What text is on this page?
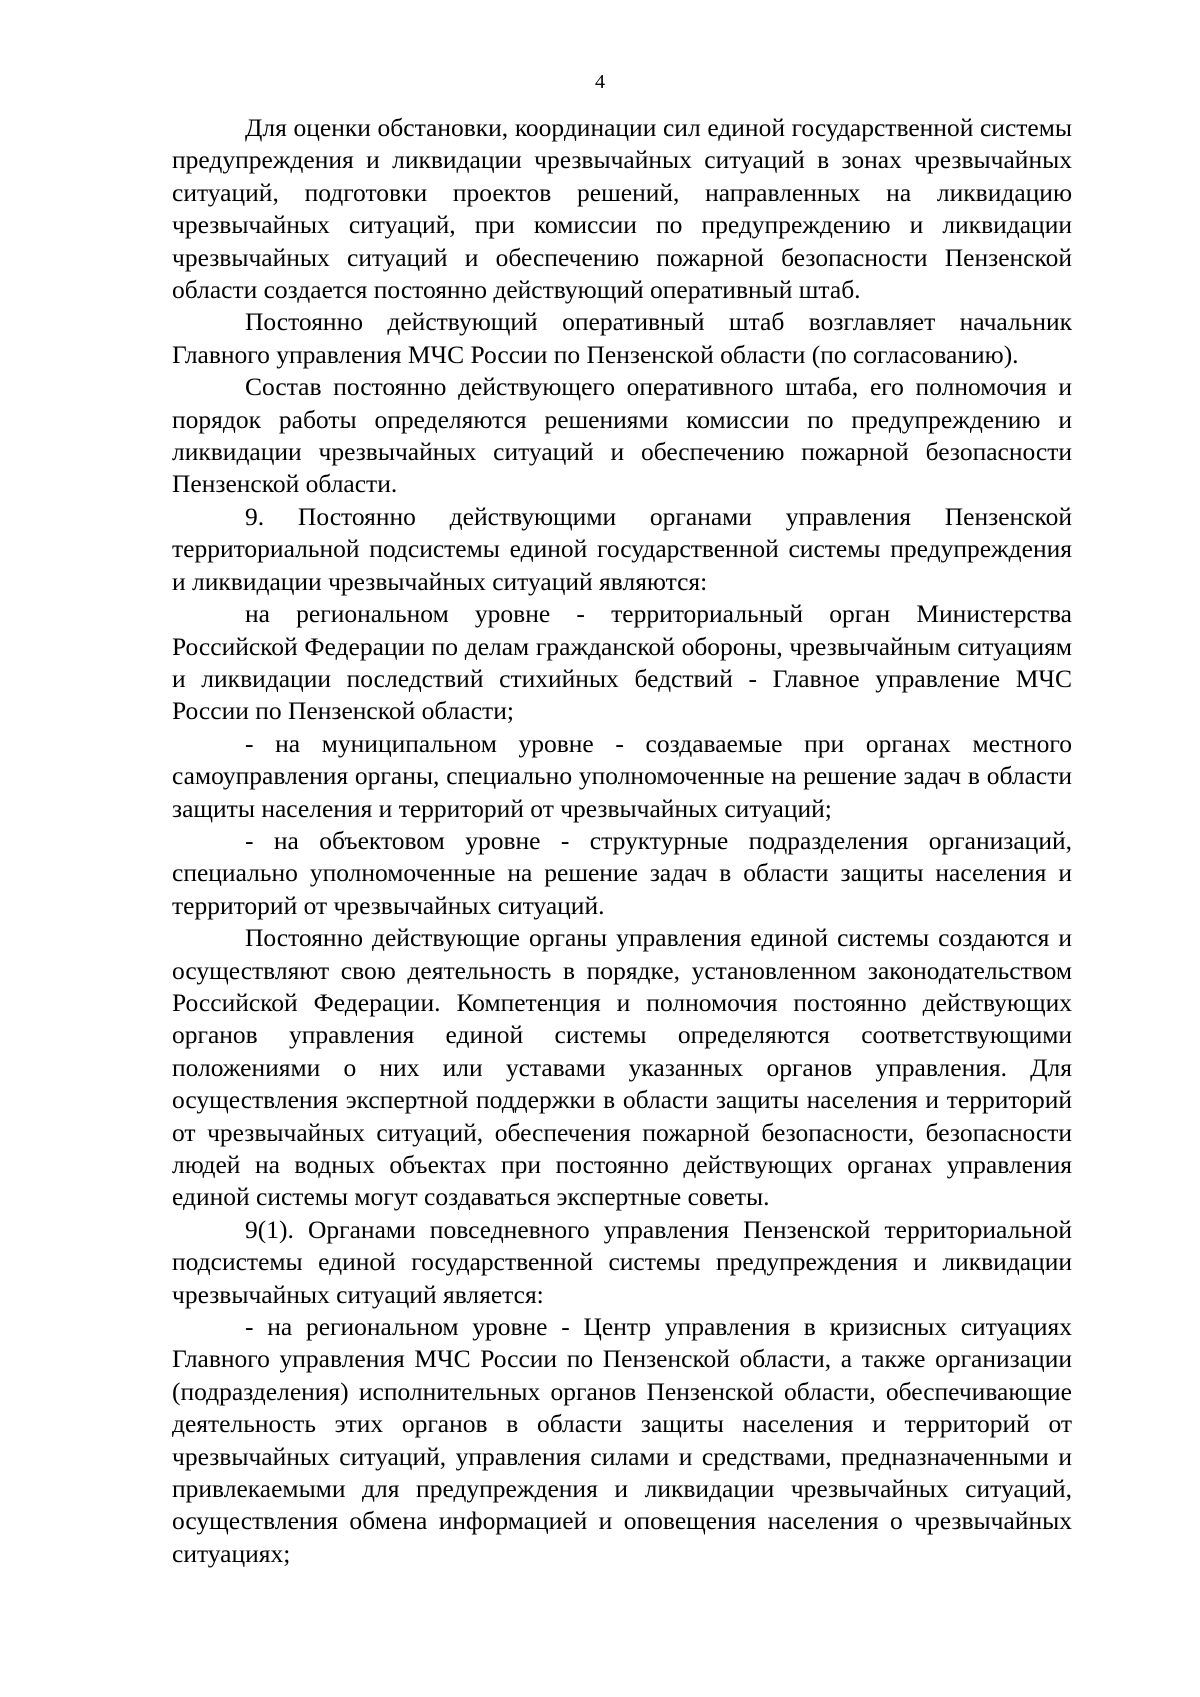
4

Для оценки обстановки, координации сил единой государственной системы предупреждения и ликвидации чрезвычайных ситуаций в зонах чрезвычайных ситуаций, подготовки проектов решений, направленных на ликвидацию чрезвычайных ситуаций, при комиссии по предупреждению и ликвидации чрезвычайных ситуаций и обеспечению пожарной безопасности Пензенской области создается постоянно действующий оперативный штаб.

Постоянно действующий оперативный штаб возглавляет начальник Главного управления МЧС России по Пензенской области (по согласованию).

Состав постоянно действующего оперативного штаба, его полномочия и порядок работы определяются решениями комиссии по предупреждению и ликвидации чрезвычайных ситуаций и обеспечению пожарной безопасности Пензенской области.

9. Постоянно действующими органами управления Пензенской территориальной подсистемы единой государственной системы предупреждения и ликвидации чрезвычайных ситуаций являются:

на региональном уровне - территориальный орган Министерства Российской Федерации по делам гражданской обороны, чрезвычайным ситуациям и ликвидации последствий стихийных бедствий - Главное управление МЧС России по Пензенской области;

- на муниципальном уровне - создаваемые при органах местного самоуправления органы, специально уполномоченные на решение задач в области защиты населения и территорий от чрезвычайных ситуаций;

- на объектовом уровне - структурные подразделения организаций, специально уполномоченные на решение задач в области защиты населения и территорий от чрезвычайных ситуаций.

Постоянно действующие органы управления единой системы создаются и осуществляют свою деятельность в порядке, установленном законодательством Российской Федерации. Компетенция и полномочия постоянно действующих органов управления единой системы определяются соответствующими положениями о них или уставами указанных органов управления. Для осуществления экспертной поддержки в области защиты населения и территорий от чрезвычайных ситуаций, обеспечения пожарной безопасности, безопасности людей на водных объектах при постоянно действующих органах управления единой системы могут создаваться экспертные советы.

9(1). Органами повседневного управления Пензенской территориальной подсистемы единой государственной системы предупреждения и ликвидации чрезвычайных ситуаций является:

- на региональном уровне - Центр управления в кризисных ситуациях Главного управления МЧС России по Пензенской области, а также организации (подразделения) исполнительных органов Пензенской области, обеспечивающие деятельность этих органов в области защиты населения и территорий от чрезвычайных ситуаций, управления силами и средствами, предназначенными и привлекаемыми для предупреждения и ликвидации чрезвычайных ситуаций, осуществления обмена информацией и оповещения населения о чрезвычайных ситуациях;
